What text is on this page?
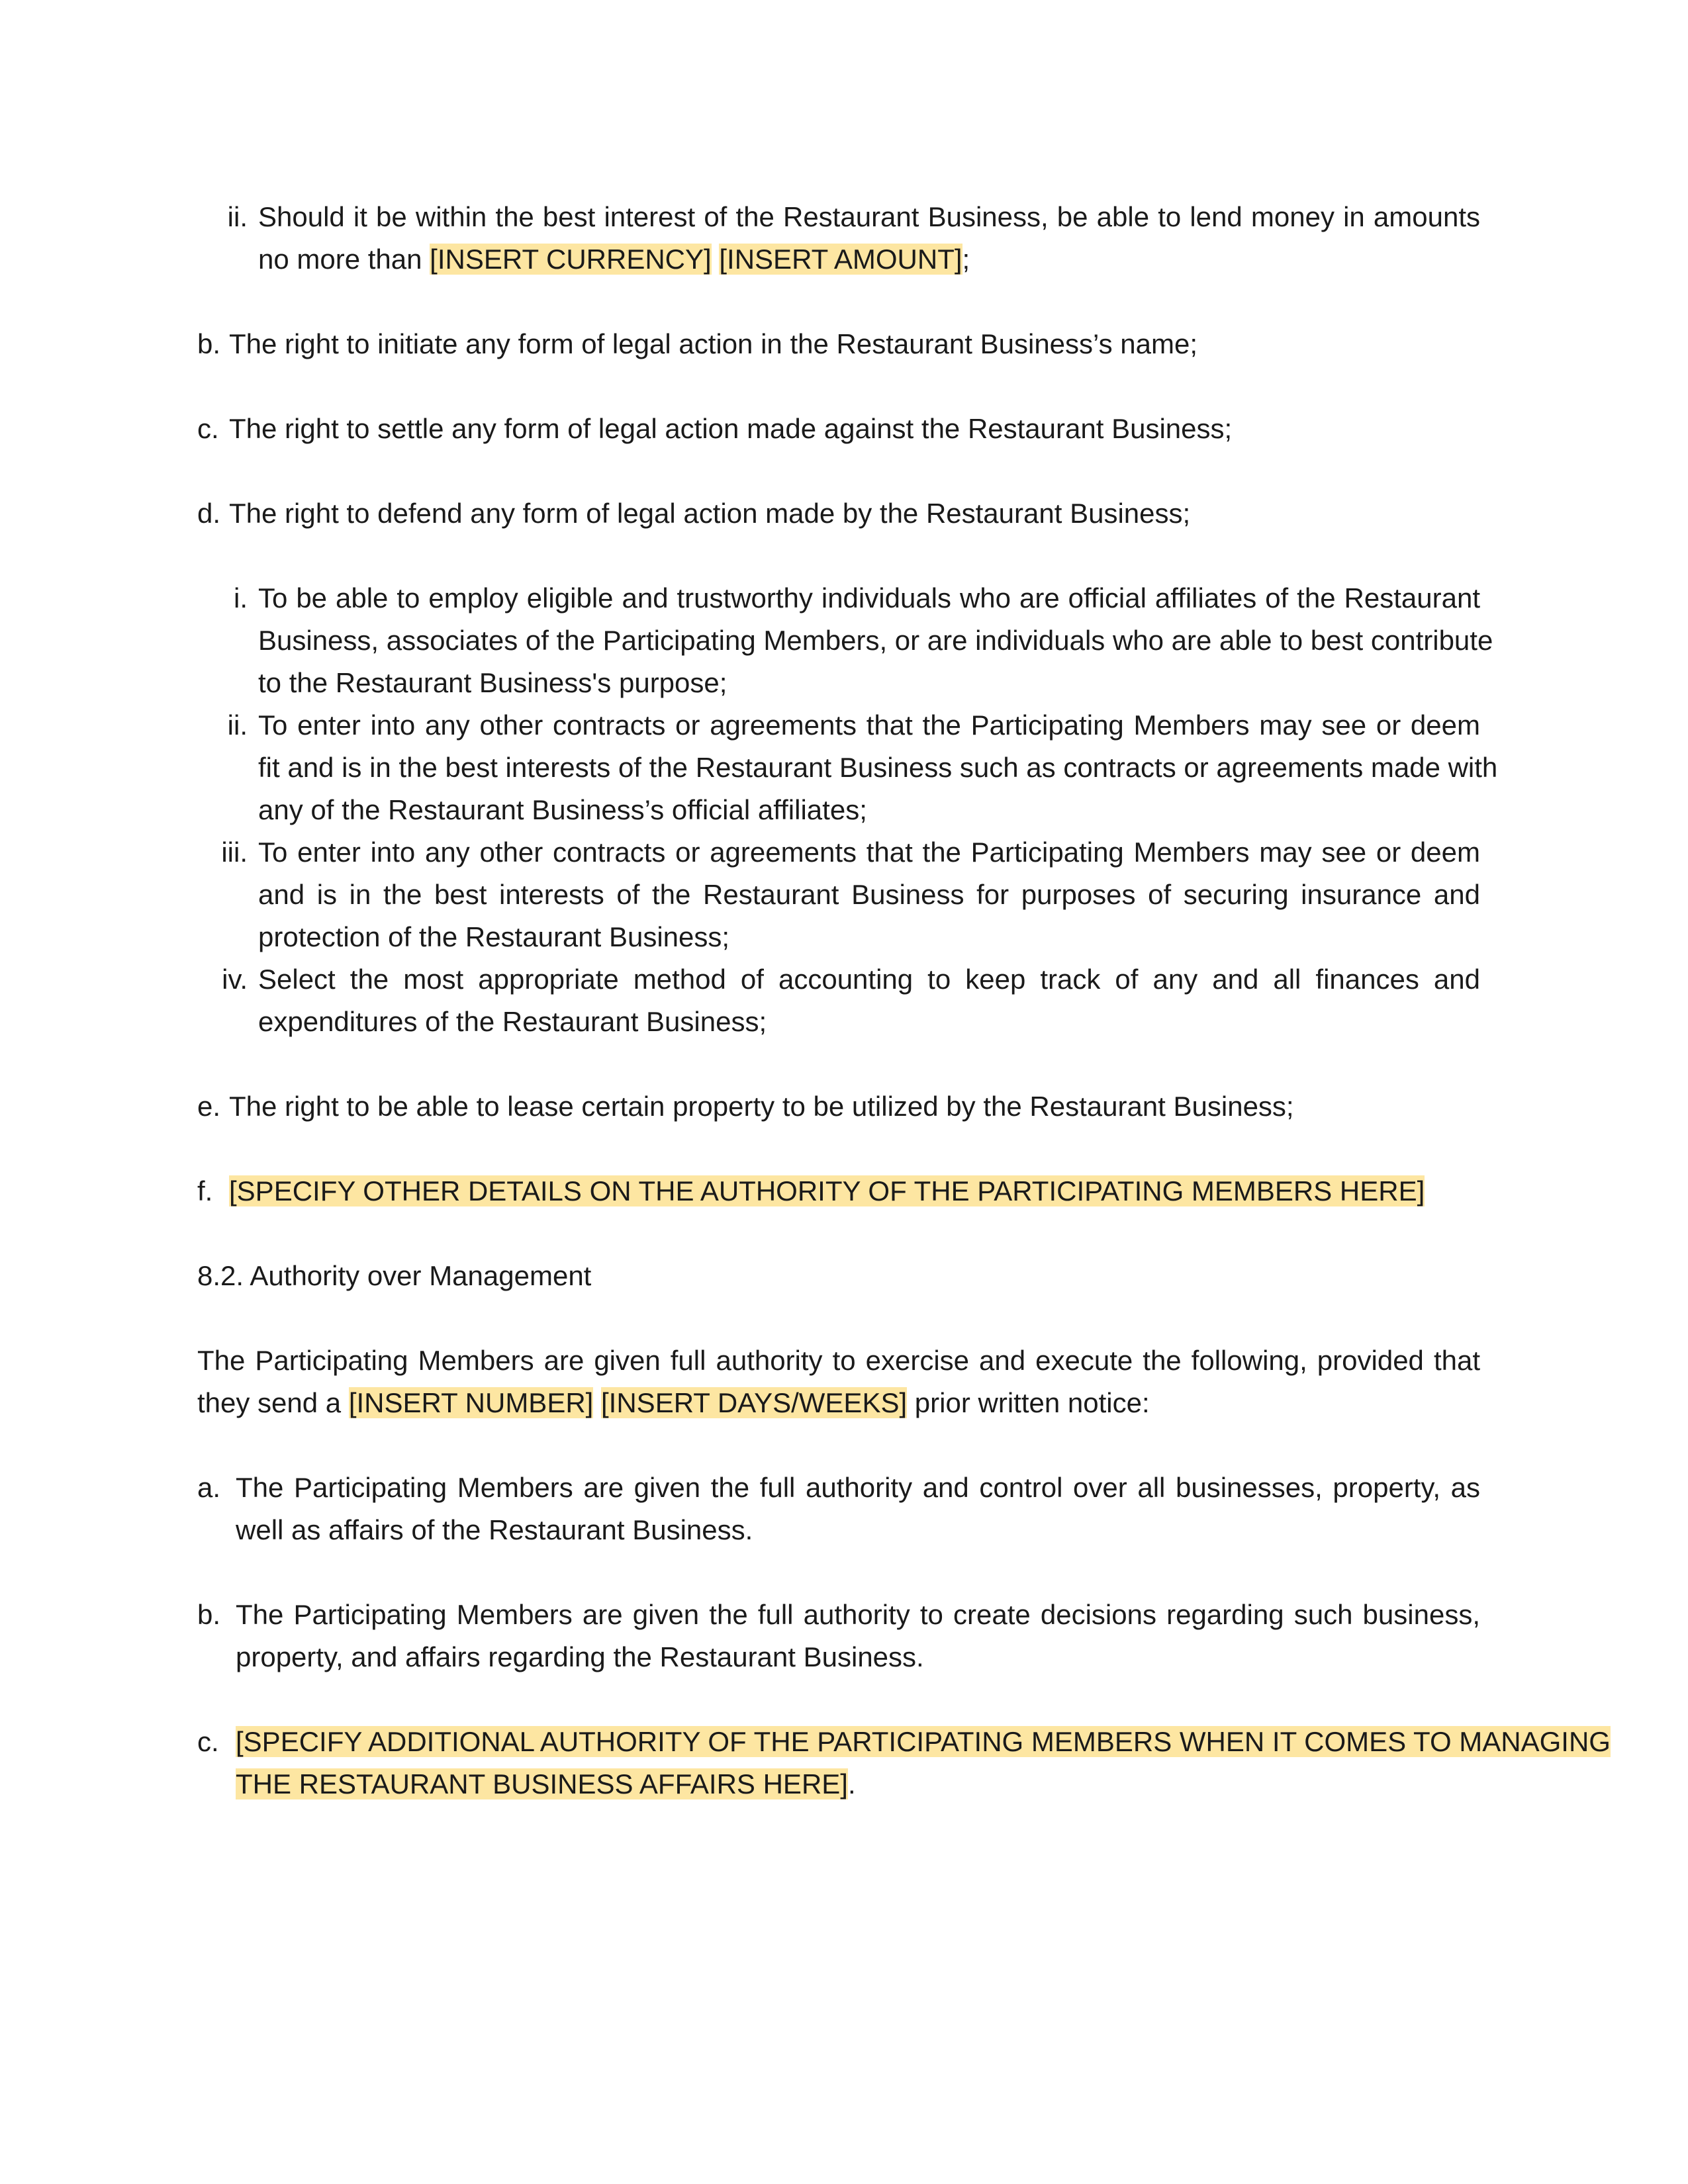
ii. Should it be within the best interest of the Restaurant Business, be able to lend money in amounts
no more than [INSERT CURRENCY] [INSERT AMOUNT];
b. The right to initiate any form of legal action in the Restaurant Business’s name;
c. The right to settle any form of legal action made against the Restaurant Business;
d. The right to defend any form of legal action made by the Restaurant Business;
i. To be able to employ eligible and trustworthy individuals who are official affiliates of the Restaurant
Business, associates of the Participating Members, or are individuals who are able to best contribute
to the Restaurant Business's purpose;
ii. To enter into any other contracts or agreements that the Participating Members may see or deem
fit and is in the best interests of the Restaurant Business such as contracts or agreements made with
any of the Restaurant Business’s official affiliates;
iii. To enter into any other contracts or agreements that the Participating Members may see or deem
and is in the best interests of the Restaurant Business for purposes of securing insurance and
protection of the Restaurant Business;
iv. Select the most appropriate method of accounting to keep track of any and all finances and
expenditures of the Restaurant Business;
e. The right to be able to lease certain property to be utilized by the Restaurant Business;
f. [SPECIFY OTHER DETAILS ON THE AUTHORITY OF THE PARTICIPATING MEMBERS HERE]
8.2. Authority over Management
The Participating Members are given full authority to exercise and execute the following, provided that
they send a [INSERT NUMBER] [INSERT DAYS/WEEKS] prior written notice:
a. The Participating Members are given the full authority and control over all businesses, property, as
well as affairs of the Restaurant Business.
b. The Participating Members are given the full authority to create decisions regarding such business,
property, and affairs regarding the Restaurant Business.
c. [SPECIFY ADDITIONAL AUTHORITY OF THE PARTICIPATING MEMBERS WHEN IT COMES TO MANAGING
THE RESTAURANT BUSINESS AFFAIRS HERE].
